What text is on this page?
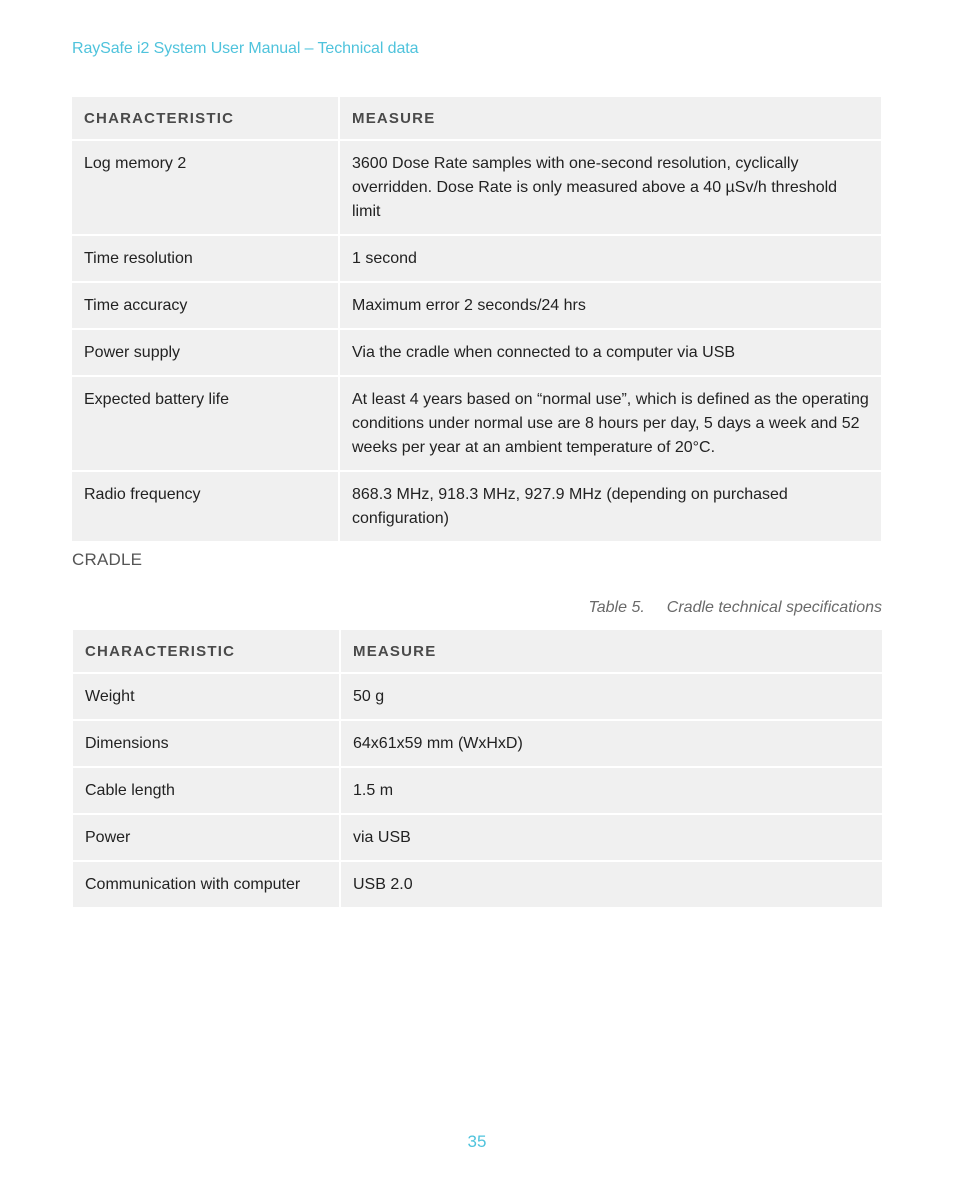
RaySafe i2 System User Manual – Technical data
CHARACTERISTIC	MEASURE
Log memory 2	3600 Dose Rate samples with one-second resolution, cyclically overridden. Dose Rate is only measured above a 40 µSv/h threshold limit
Time resolution	1 second
Time accuracy	Maximum error 2 seconds/24 hrs
Power supply	Via the cradle when connected to a computer via USB
Expected battery life	At least 4 years based on “normal use”, which is defined as the operating conditions under normal use are 8 hours per day, 5 days a week and 52 weeks per year at an ambient temperature of 20°C.
Radio frequency	868.3 MHz, 918.3 MHz, 927.9 MHz (depending on purchased configuration)
CRADLE
Table 5. Cradle technical specifications
CHARACTERISTIC	MEASURE
Weight	50 g
Dimensions	64x61x59 mm (WxHxD)
Cable length	1.5 m
Power	via USB
Communication with computer	USB 2.0
35
